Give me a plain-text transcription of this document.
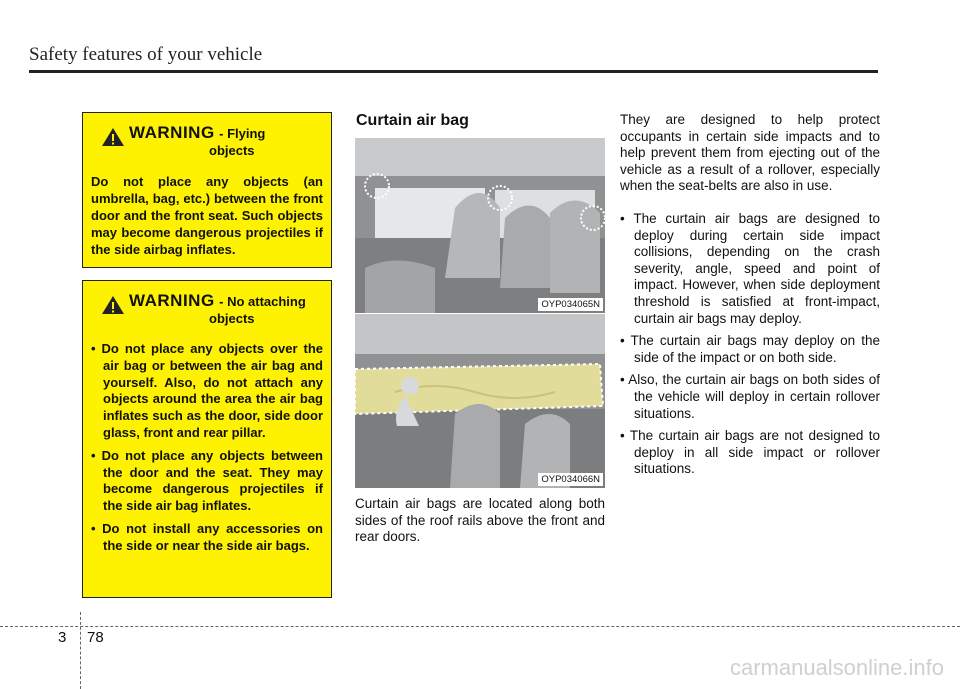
Safety features of your vehicle
WARNING - Flying
objects
Do not place any objects (an umbrella, bag, etc.) between the front door and the front seat. Such objects may become dangerous projectiles if the side airbag inflates.
WARNING - No attaching
objects
• Do not place any objects over the air bag or between the air bag and yourself. Also, do not attach any objects around the area the air bag inflates such as the door, side door glass, front and rear pillar.
• Do not place any objects between the door and the seat. They may become dangerous projectiles if the side air bag inflates.
• Do not install any accessories on the side or near the side air bags.
Curtain air bag
OYP034065N
OYP034066N
Curtain air bags are located along both sides of the roof rails above the front and rear doors.
They are designed to help protect occupants in certain side impacts and to help prevent them from ejecting out of the vehicle as a result of a rollover, especially when the seat-belts are also in use.
• The curtain air bags are designed to deploy during certain side impact collisions, depending on the crash severity, angle, speed and point of impact. However, when side deployment threshold is satisfied at front-impact, curtain air bags may deploy.
• The curtain air bags may deploy on the side of the impact or on both side.
• Also, the curtain air bags on both sides of the vehicle will deploy in certain rollover situations.
• The curtain air bags are not designed to deploy in all side impact or rollover situations.
3 78
carmanualsonline.info
